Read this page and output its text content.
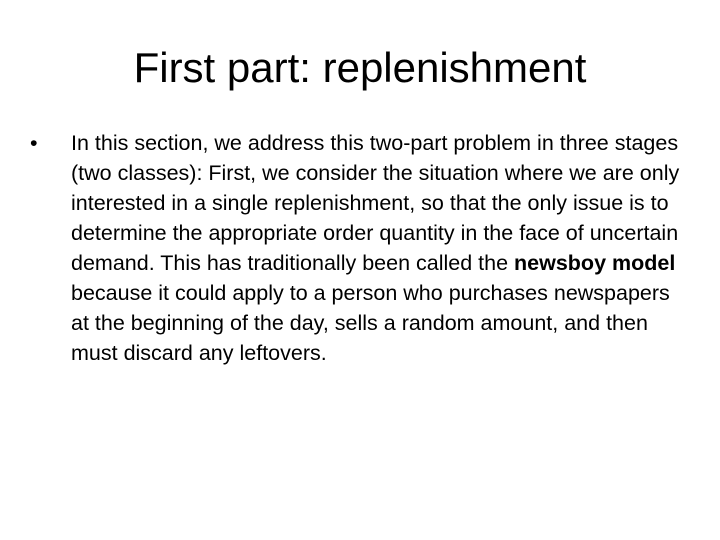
First part: replenishment
•	In this section, we address this two‑part problem in three stages (two classes): First, we consider the situation where we are only interested in a single replenishment, so that the only issue is to determine the appropriate order quantity in the face of uncertain demand. This has traditionally been called the newsboy model because it could apply to a person who purchases newspapers at the beginning of the day, sells a random amount, and then must discard any leftovers.
